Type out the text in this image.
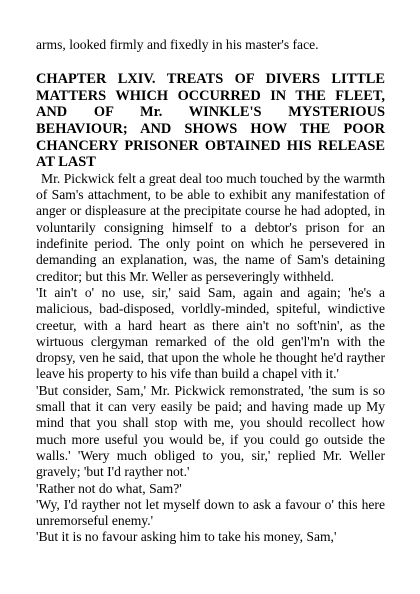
arms, looked firmly and fixedly in his master's face.

CHAPTER LXIV. TREATS OF DIVERS LITTLE MATTERS WHICH OCCURRED IN THE FLEET, AND OF Mr. WINKLE'S MYSTERIOUS BEHAVIOUR; AND SHOWS HOW THE POOR CHANCERY PRISONER OBTAINED HIS RELEASE AT LAST

Mr. Pickwick felt a great deal too much touched by the warmth of Sam's attachment, to be able to exhibit any manifestation of anger or displeasure at the precipitate course he had adopted, in voluntarily consigning himself to a debtor's prison for an indefinite period. The only point on which he persevered in demanding an explanation, was, the name of Sam's detaining creditor; but this Mr. Weller as perseveringly withheld.

'It ain't o' no use, sir,' said Sam, again and again; 'he's a malicious, bad-disposed, vorldly-minded, spiteful, windictive creetur, with a hard heart as there ain't no soft'nin', as the wirtuous clergyman remarked of the old gen'l'm'n with the dropsy, ven he said, that upon the whole he thought he'd rayther leave his property to his vife than build a chapel vith it.'

'But consider, Sam,' Mr. Pickwick remonstrated, 'the sum is so small that it can very easily be paid; and having made up My mind that you shall stop with me, you should recollect how much more useful you would be, if you could go outside the walls.' 'Wery much obliged to you, sir,' replied Mr. Weller gravely; 'but I'd rayther not.'

'Rather not do what, Sam?'

'Wy, I'd rayther not let myself down to ask a favour o' this here unremorseful enemy.'

'But it is no favour asking him to take his money, Sam,'
